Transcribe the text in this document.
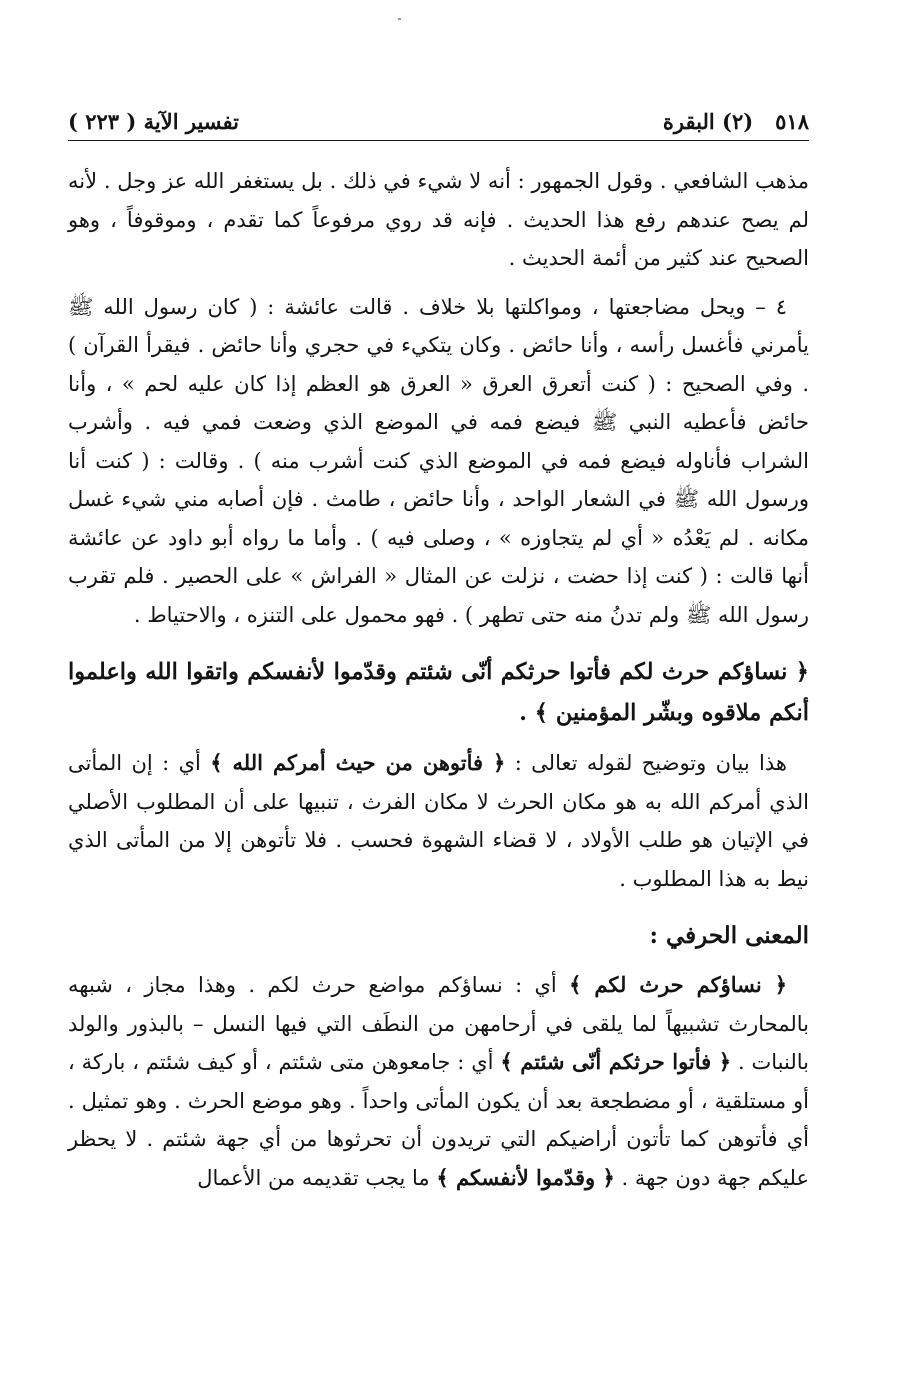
٥١٨
(٢) البقرة
تفسير الآية ( ٢٢٣ )

مذهب الشافعي . وقول الجمهور : أنه لا شيء في ذلك . بل يستغفر الله عز وجل . لأنه لم يصح عندهم رفع هذا الحديث . فإنه قد روي مرفوعاً كما تقدم ، وموقوفاً ، وهو الصحيح عند كثير من أئمة الحديث .

٤ – ويحل مضاجعتها ، ومواكلتها بلا خلاف . قالت عائشة : ( كان رسول الله ﷺ يأمرني فأغسل رأسه ، وأنا حائض . وكان يتكيء في حجري وأنا حائض . فيقرأ القرآن ) . وفي الصحيح : ( كنت أتعرق العرق « العرق هو العظم إذا كان عليه لحم » ، وأنا حائض فأعطيه النبي ﷺ فيضع فمه في الموضع الذي وضعت فمي فيه . وأشرب الشراب فأناوله فيضع فمه في الموضع الذي كنت أشرب منه ) . وقالت : ( كنت أنا ورسول الله ﷺ في الشعار الواحد ، وأنا حائض ، طامث . فإن أصابه مني شيء غسل مكانه . لم يَعْدُه « أي لم يتجاوزه » ، وصلى فيه ) . وأما ما رواه أبو داود عن عائشة أنها قالت : ( كنت إذا حضت ، نزلت عن المثال « الفراش » على الحصير . فلم تقرب رسول الله ﷺ ولم تدنُ منه حتى تطهر ) . فهو محمول على التنزه ، والاحتياط .

﴿ نساؤكم حرث لكم فأتوا حرثكم أنّى شئتم وقدّموا لأنفسكم واتقوا الله واعلموا أنكم ملاقوه وبشّر المؤمنين ﴾ .

هذا بيان وتوضيح لقوله تعالى : ﴿ فأتوهن من حيث أمركم الله ﴾ أي : إن المأتى الذي أمركم الله به هو مكان الحرث لا مكان الفرث ، تنبيها على أن المطلوب الأصلي في الإتيان هو طلب الأولاد ، لا قضاء الشهوة فحسب . فلا تأتوهن إلا من المأتى الذي نيط به هذا المطلوب .

المعنى الحرفي :

﴿ نساؤكم حرث لكم ﴾ أي : نساؤكم مواضع حرث لكم . وهذا مجاز ، شبهه بالمحارث تشبيهاً لما يلقى في أرحامهن من النطَف التي فيها النسل – بالبذور والولد بالنبات . ﴿ فأتوا حرثكم أنّى شئتم ﴾ أي : جامعوهن متى شئتم ، أو كيف شئتم ، باركة ، أو مستلقية ، أو مضطجعة بعد أن يكون المأتى واحداً . وهو موضع الحرث . وهو تمثيل . أي فأتوهن كما تأتون أراضيكم التي تريدون أن تحرثوها من أي جهة شئتم . لا يحظر عليكم جهة دون جهة . ﴿ وقدّموا لأنفسكم ﴾ ما يجب تقديمه من الأعمال
